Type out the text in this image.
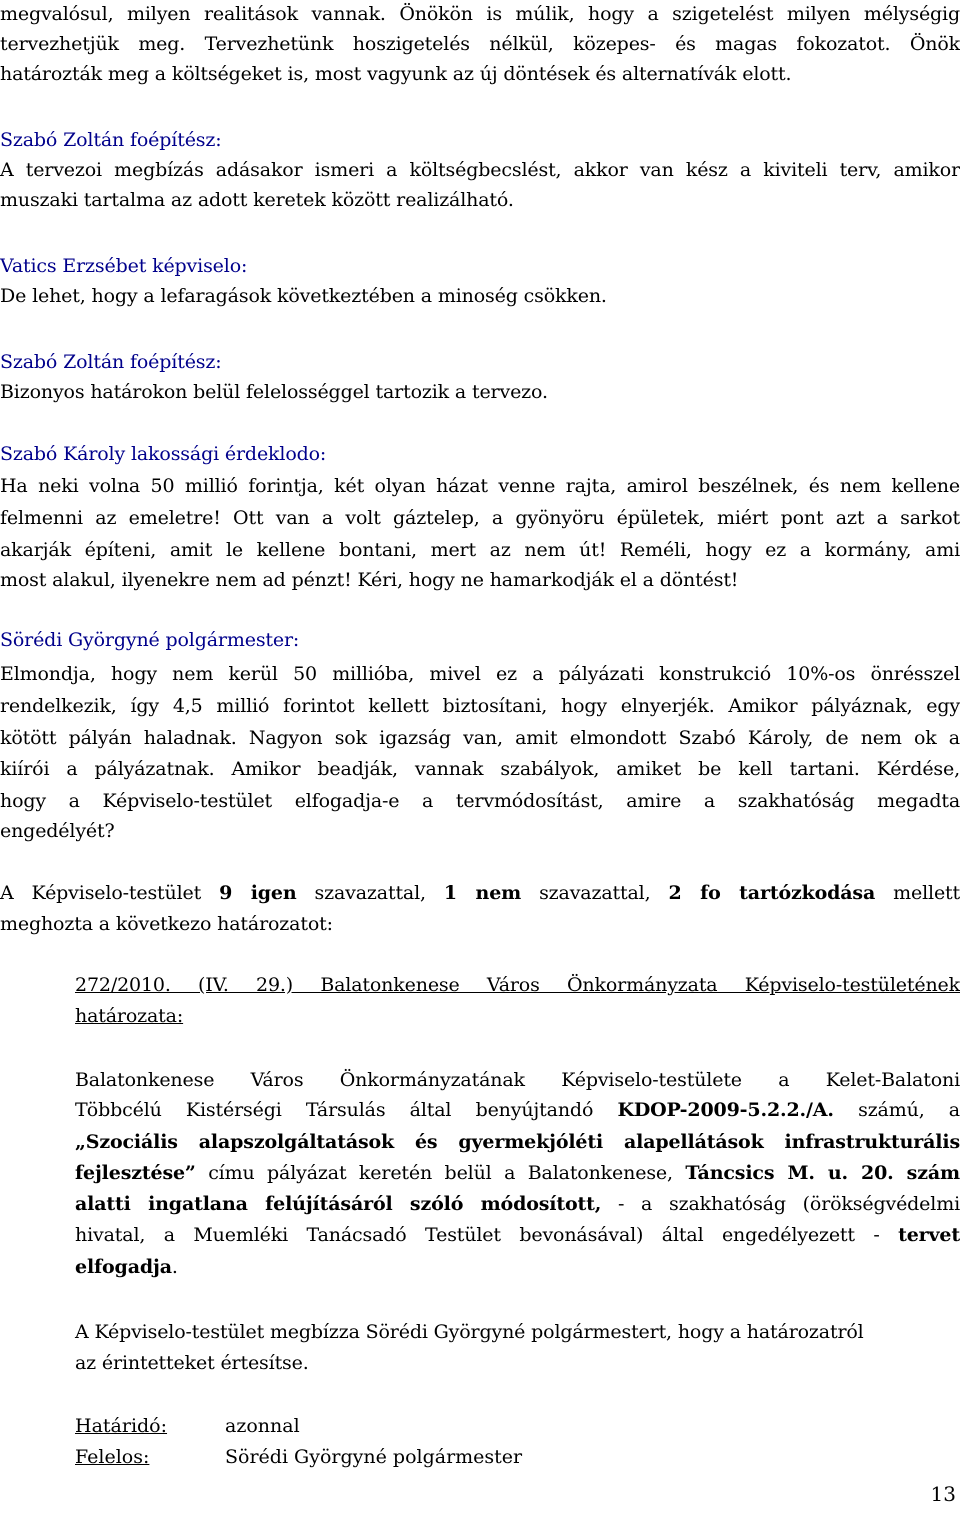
megvalósul, milyen realitások vannak. Önökön is múlik, hogy a szigetelést milyen mélységig
tervezhetjük meg. Tervezhetünk hoszigetelés nélkül, közepes- és magas fokozatot. Önök
határozták meg a költségeket is, most vagyunk az új döntések és alternatívák elott.
Szabó Zoltán foépítész:
A tervezoi megbízás adásakor ismeri a költségbecslést, akkor van kész a kiviteli terv, amikor
muszaki tartalma az adott keretek között realizálható.
Vatics Erzsébet képviselo:
De lehet, hogy a lefaragások következtében a minoség csökken.
Szabó Zoltán foépítész:
Bizonyos határokon belül felelosséggel tartozik a tervezo.
Szabó Károly lakossági érdeklodo:
Ha neki volna 50 millió forintja, két olyan házat venne rajta, amirol beszélnek, és nem kellene
felmenni az emeletre! Ott van a volt gáztelep, a gyönyöru épületek, miért pont azt a sarkot
akarják építeni, amit le kellene bontani, mert az nem út! Reméli, hogy ez a kormány, ami
most alakul, ilyenekre nem ad pénzt! Kéri, hogy ne hamarkodják el a döntést!
Sörédi Györgyné polgármester:
Elmondja, hogy nem kerül 50 millióba, mivel ez a pályázati konstrukció 10%-os önrésszel
rendelkezik, így 4,5 millió forintot kellett biztosítani, hogy elnyerjék. Amikor pályáznak, egy
kötött pályán haladnak. Nagyon sok igazság van, amit elmondott Szabó Károly, de nem ok a
kiírói a pályázatnak. Amikor beadják, vannak szabályok, amiket be kell tartani. Kérdése,
hogy a Képviselo-testület elfogadja-e a tervmódosítást, amire a szakhatóság megadta
engedélyét?
A Képviselo-testület 9 igen szavazattal, 1 nem szavazattal, 2 fo tartózkodása mellett
meghozta a következo határozatot:
272/2010. (IV. 29.) Balatonkenese Város Önkormányzata Képviselo-testületének
határozata:
Balatonkenese Város Önkormányzatának Képviselo-testülete a Kelet-Balatoni
Többcélú Kistérségi Társulás által benyújtandó KDOP-2009-5.2.2./A. számú, a
„Szociális alapszolgáltatások és gyermekjóléti alapellátások infrastrukturális
fejlesztése” címu pályázat keretén belül a Balatonkenese, Táncsics M. u. 20. szám
alatti ingatlana felújításáról szóló módosított, - a szakhatóság (örökségvédelmi
hivatal, a Muemléki Tanácsadó Testület bevonásával) által engedélyezett - tervet
elfogadja.
A Képviselo-testület megbízza Sörédi Györgyné polgármestert, hogy a határozatról
az érintetteket értesítse.
Határidó:	azonnal
Felelos:	Sörédi Györgyné polgármester
13
